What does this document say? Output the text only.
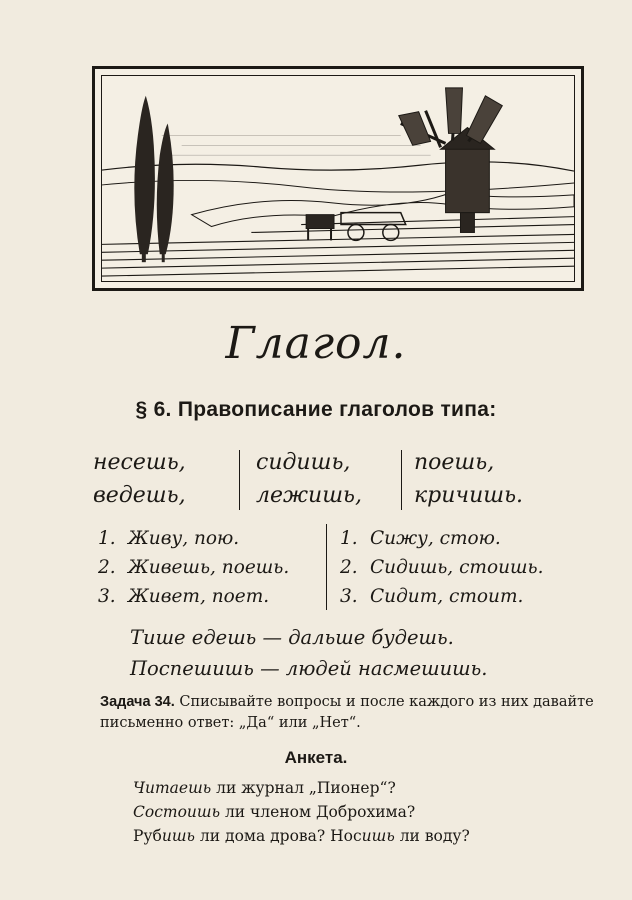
Глагол.
§ 6. Правописание глаголов типа:
несешь,
ведешь,
сидишь,
лежишь,
поешь,
кричишь.
1. Живу, пою.
2. Живешь, поешь.
3. Живет, поет.
1. Сижу, стою.
2. Сидишь, стоишь.
3. Сидит, стоит.
Тише едешь — дальше будешь.
Поспешишь — людей насмешишь.
Задача 34. Списывайте вопросы и после каждого из них давайте письменно ответ: „Да“ или „Нет“.
Анкета.
Читаешь ли журнал „Пионер“?
Состоишь ли членом Доброхима?
Рубишь ли дома дрова? Носишь ли воду?
